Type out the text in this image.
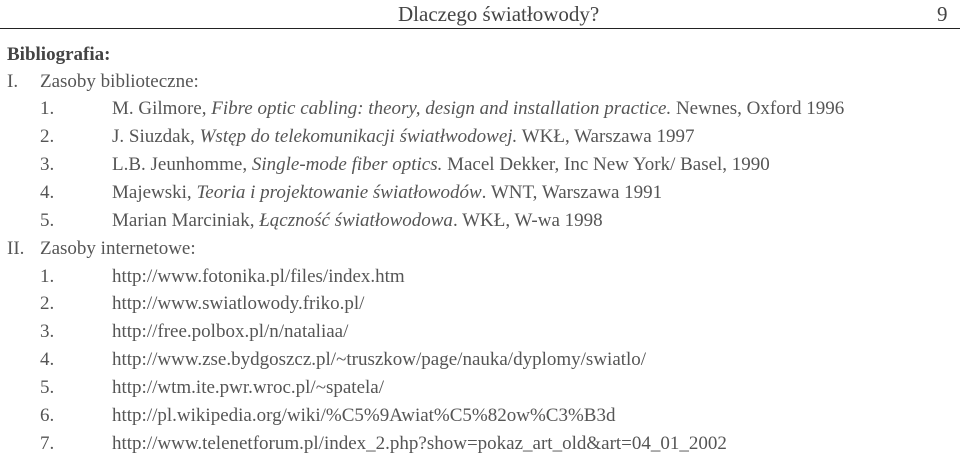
Dlaczego światłowody?	9
Bibliografia:
I. Zasoby biblioteczne:
1.	M. Gilmore, Fibre optic cabling: theory, design and installation practice. Newnes, Oxford 1996
2.	J. Siuzdak, Wstęp do telekomunikacji światłwodowej. WKŁ, Warszawa 1997
3.	L.B. Jeunhomme, Single-mode fiber optics. Macel Dekker, Inc New York/ Basel, 1990
4.	Majewski, Teoria i projektowanie światłowodów. WNT, Warszawa 1991
5.	Marian Marciniak, Łączność światłowodowa. WKŁ, W-wa 1998
II. Zasoby internetowe:
1.	http://www.fotonika.pl/files/index.htm
2.	http://www.swiatlowody.friko.pl/
3.	http://free.polbox.pl/n/nataliaa/
4.	http://www.zse.bydgoszcz.pl/~truszkow/page/nauka/dyplomy/swiatlo/
5.	http://wtm.ite.pwr.wroc.pl/~spatela/
6.	http://pl.wikipedia.org/wiki/%C5%9Awiat%C5%82ow%C3%B3d
7.	http://www.telenetforum.pl/index_2.php?show=pokaz_art_old&art=04_01_2002
